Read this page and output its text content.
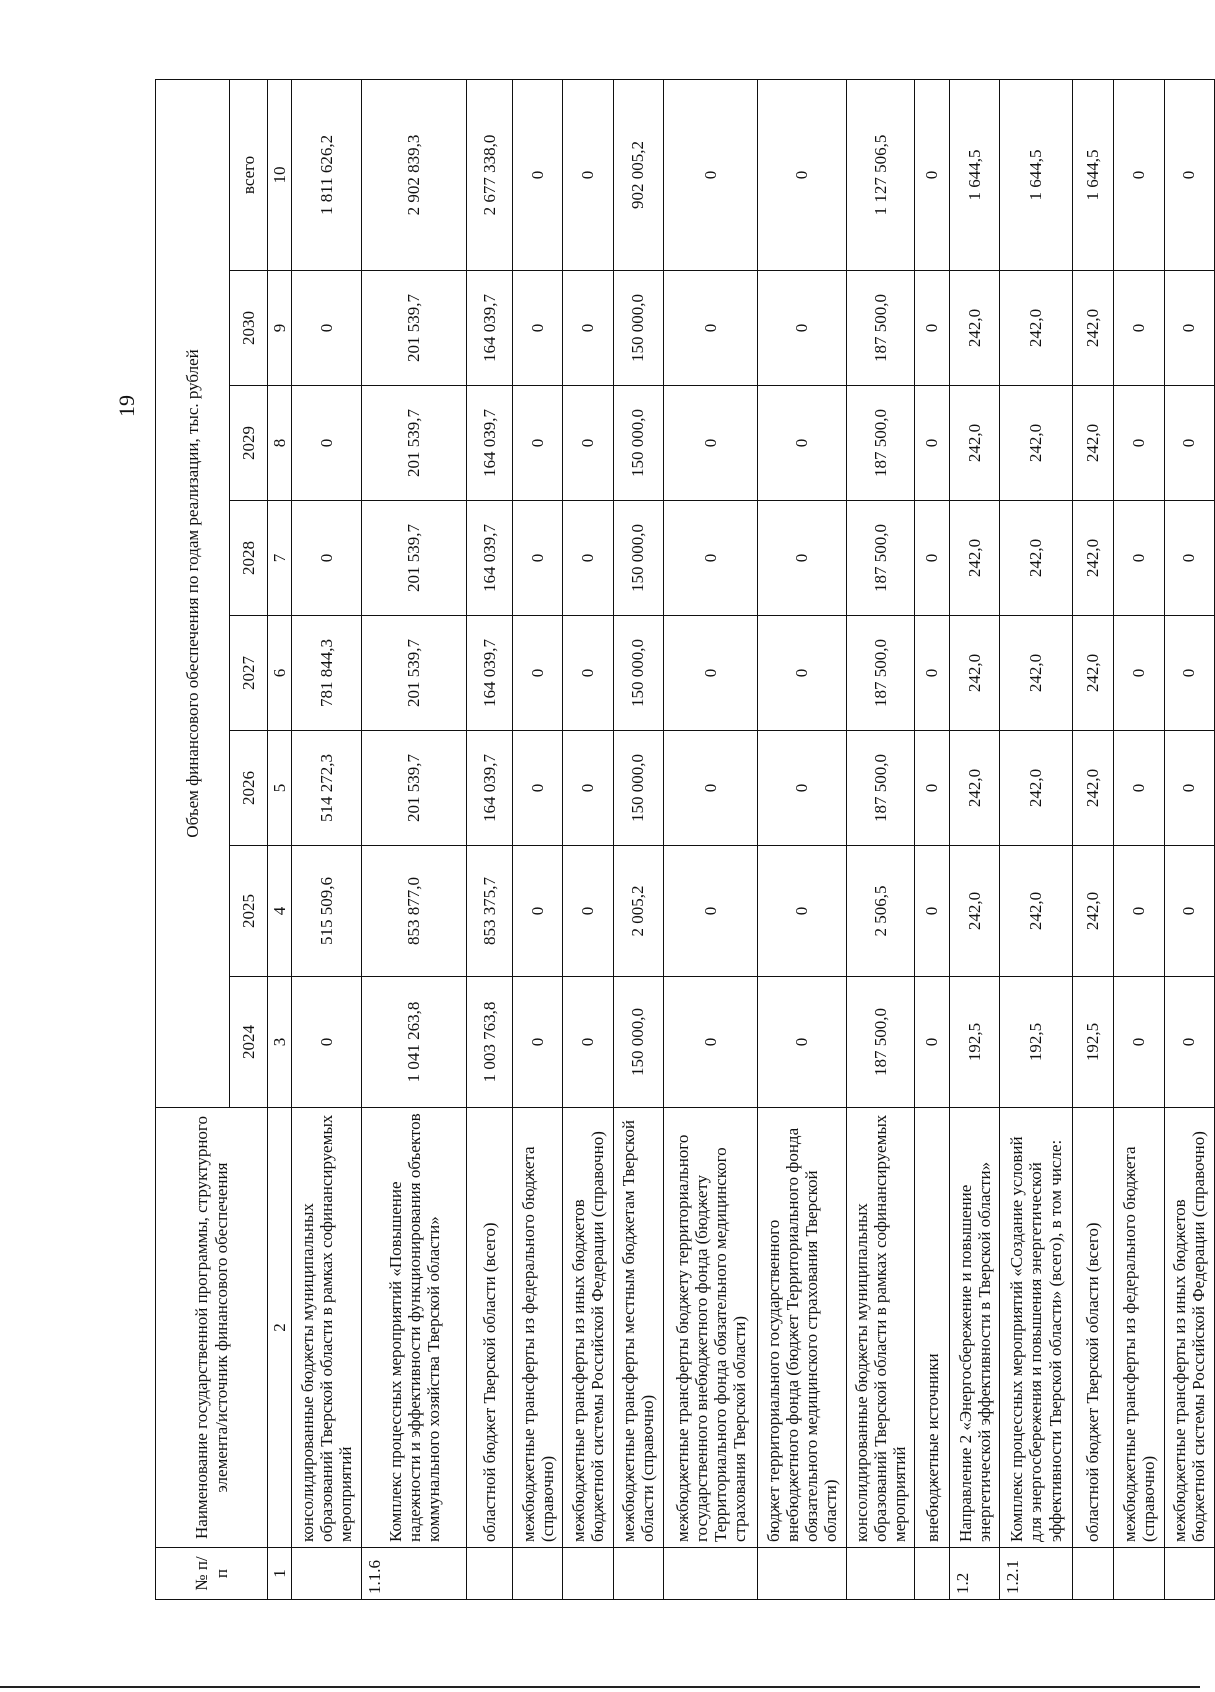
19
№ п/п	Наименование государственной программы, структурного элемента/источник финансового обеспечения	Объем финансового обеспечения по годам реализации, тыс. рублей							
		2024	2025	2026	2027	2028	2029	2030	всего
1	2	3	4	5	6	7	8	9	10
	консолидированные бюджеты муниципальных образований Тверской области в рамках софинансируемых мероприятий	0	515 509,6	514 272,3	781 844,3	0	0	0	1 811 626,2
1.1.6	Комплекс процессных мероприятий «Повышение надежности и эффективности функционирования объектов коммунального хозяйства Тверской области»	1 041 263,8	853 877,0	201 539,7	201 539,7	201 539,7	201 539,7	201 539,7	2 902 839,3
	областной бюджет Тверской области (всего)	1 003 763,8	853 375,7	164 039,7	164 039,7	164 039,7	164 039,7	164 039,7	2 677 338,0
	межбюджетные трансферты из федерального бюджета (справочно)	0	0	0	0	0	0	0	0
	межбюджетные трансферты из иных бюджетов бюджетной системы Российской Федерации (справочно)	0	0	0	0	0	0	0	0
	межбюджетные трансферты местным бюджетам Тверской области (справочно)	150 000,0	2 005,2	150 000,0	150 000,0	150 000,0	150 000,0	150 000,0	902 005,2
	межбюджетные трансферты бюджету территориального государственного внебюджетного фонда (бюджету Территориального фонда обязательного медицинского страхования Тверской области)	0	0	0	0	0	0	0	0
	бюджет территориального государственного внебюджетного фонда (бюджет Территориального фонда обязательного медицинского страхования Тверской области)	0	0	0	0	0	0	0	0
	консолидированные бюджеты муниципальных образований Тверской области в рамках софинансируемых мероприятий	187 500,0	2 506,5	187 500,0	187 500,0	187 500,0	187 500,0	187 500,0	1 127 506,5
	внебюджетные источники	0	0	0	0	0	0	0	0
1.2	Направление 2 «Энергосбережение и повышение энергетической эффективности в Тверской области»	192,5	242,0	242,0	242,0	242,0	242,0	242,0	1 644,5
1.2.1	Комплекс процессных мероприятий «Создание условий для энергосбережения и повышения энергетической эффективности Тверской области» (всего), в том числе:	192,5	242,0	242,0	242,0	242,0	242,0	242,0	1 644,5
	областной бюджет Тверской области (всего)	192,5	242,0	242,0	242,0	242,0	242,0	242,0	1 644,5
	межбюджетные трансферты из федерального бюджета (справочно)	0	0	0	0	0	0	0	0
	межбюджетные трансферты из иных бюджетов бюджетной системы Российской Федерации (справочно)	0	0	0	0	0	0	0	0
